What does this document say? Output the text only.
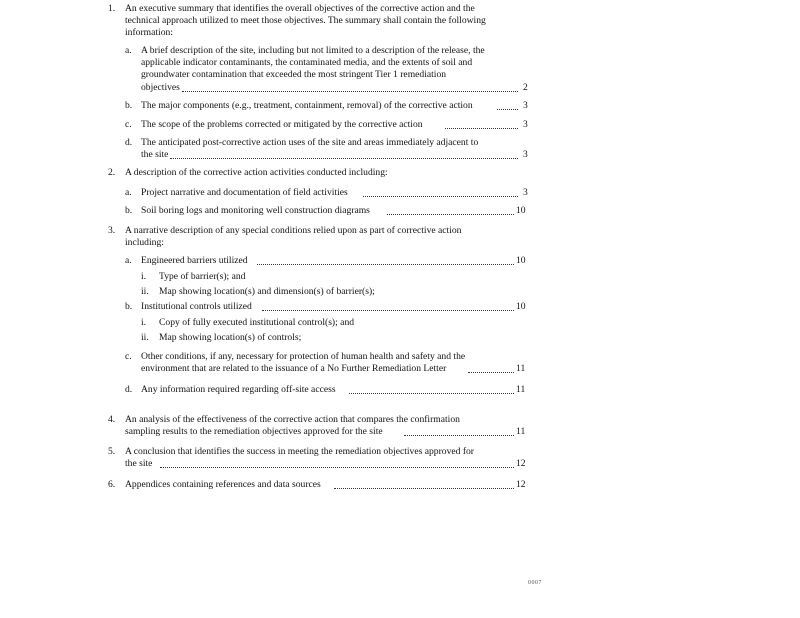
1. An executive summary that identifies the overall objectives of the corrective action and the
technical approach utilized to meet those objectives. The summary shall contain the following
information:
a. A brief description of the site, including but not limited to a description of the release, the
applicable indicator contaminants, the contaminated media, and the extents of soil and
groundwater contamination that exceeded the most stringent Tier 1 remediation
objectives	2
b. The major components (e.g., treatment, containment, removal) of the corrective action	3
c. The scope of the problems corrected or mitigated by the corrective action	3
d. The anticipated post-corrective action uses of the site and areas immediately adjacent to
the site	3
2. A description of the corrective action activities conducted including:
a. Project narrative and documentation of field activities	3
b. Soil boring logs and monitoring well construction diagrams	10
3. A narrative description of any special conditions relied upon as part of corrective action
including:
a. Engineered barriers utilized	10
i. Type of barrier(s); and
ii. Map showing location(s) and dimension(s) of barrier(s);
b. Institutional controls utilized	10
i. Copy of fully executed institutional control(s); and
ii. Map showing location(s) of controls;
c. Other conditions, if any, necessary for protection of human health and safety and the
environment that are related to the issuance of a No Further Remediation Letter	11
d. Any information required regarding off-site access	11
4. An analysis of the effectiveness of the corrective action that compares the confirmation
sampling results to the remediation objectives approved for the site	11
5. A conclusion that identifies the success in meeting the remediation objectives approved for
the site	12
6. Appendices containing references and data sources	12
0007
